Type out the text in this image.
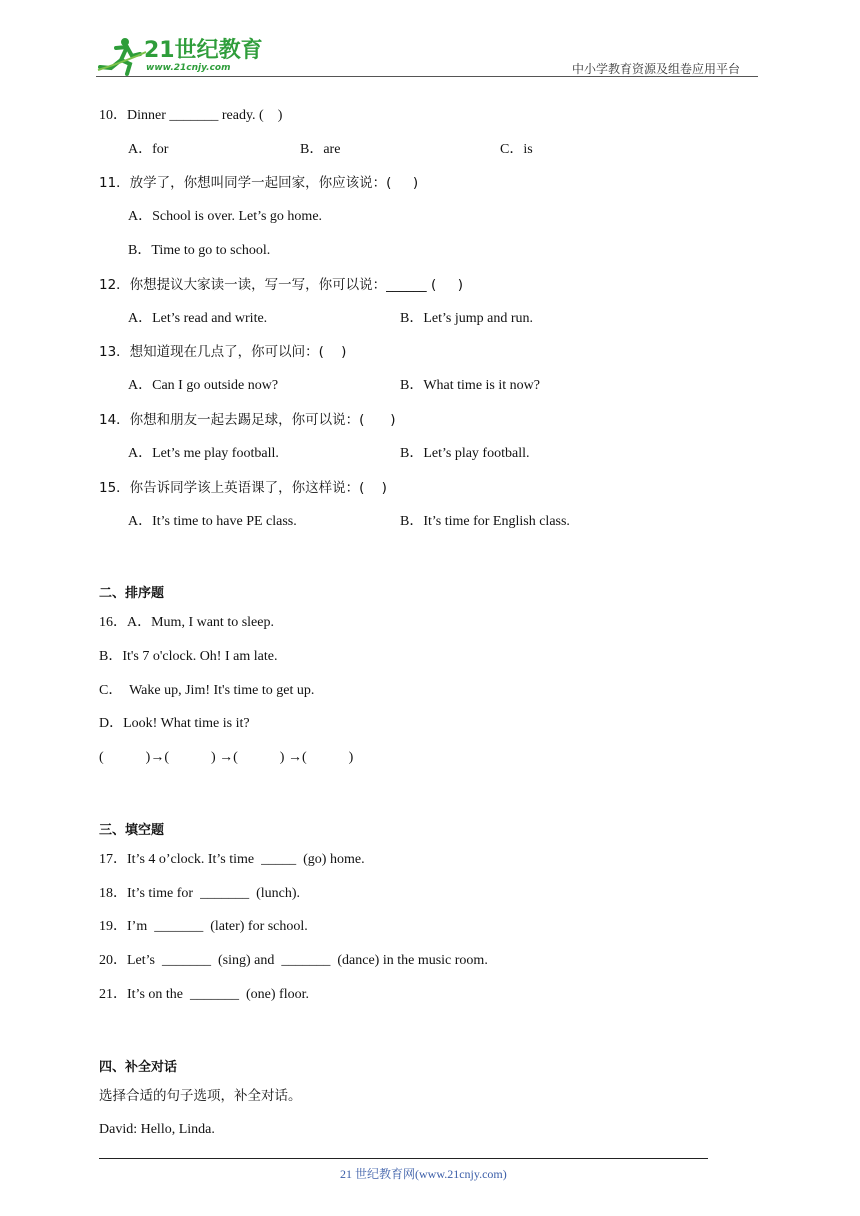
21世纪教育
www.21cnjy.com	中小学教育资源及组卷应用平台
10．Dinner _______ ready. (    )
A．for	B．are	C．is
11．放学了，你想叫同学一起回家，你应该说：(     )
A．School is over. Let’s go home.
B．Time to go to school.
12．你想提议大家读一读，写一写，你可以说：______ (     )
A．Let’s read and write.	B．Let’s jump and run.
13．想知道现在几点了，你可以问：(    )
A．Can I go outside now?	B．What time is it now?
14．你想和朋友一起去踢足球，你可以说：(      )
A．Let’s me play football.	B．Let’s play football.
15．你告诉同学该上英语课了，你这样说：(    )
A．It’s time to have PE class.	B．It’s time for English class.
二、排序题
16．A．Mum, I want to sleep.
B．It's 7 o'clock. Oh! I am late.
C．  Wake up, Jim! It's time to get up.
D．Look! What time is it?
(            )→(            ) →(            ) →(            )
三、填空题
17．It’s 4 o’clock. It’s time  _____  (go) home.
18．It’s time for  _______  (lunch).
19．I’m  _______  (later) for school.
20．Let’s  _______  (sing) and  _______  (dance) in the music room.
21．It’s on the  _______  (one) floor.
四、补全对话
选择合适的句子选项，补全对话。
David: Hello, Linda.
21 世纪教育网(www.21cnjy.com)
